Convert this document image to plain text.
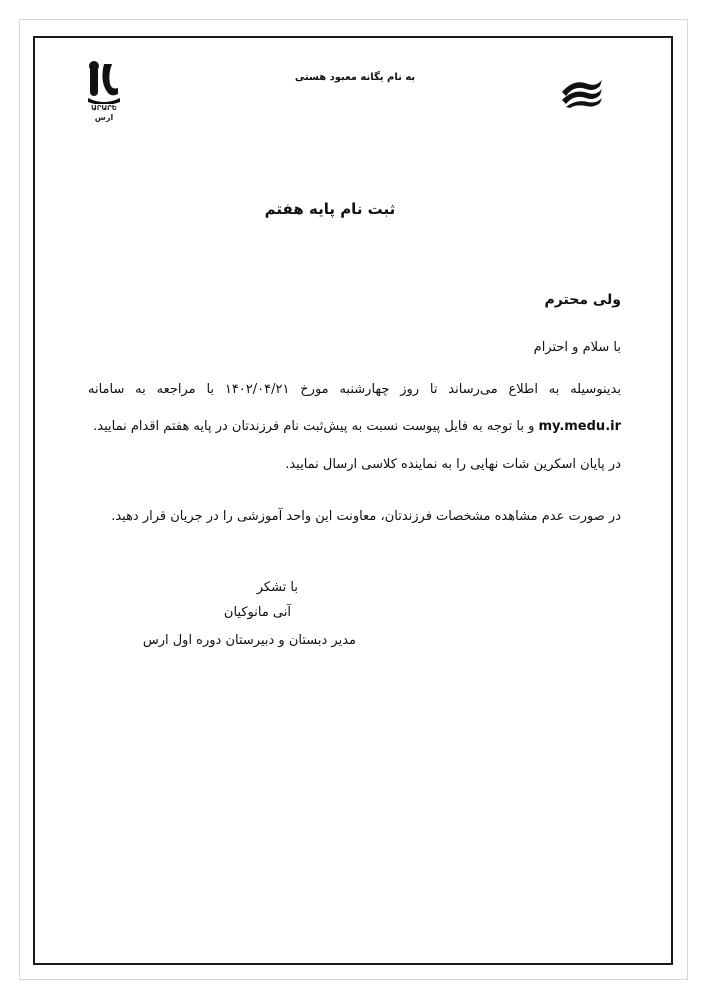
ԱՐԱՐԵ
ارس
به نام یگانه معبود هستی
ثبت نام پایه هفتم
ولی محترم
با سلام و احترام
بدینوسیله به اطلاع می‌رساند تا روز چهارشنبه مورخ ۱۴۰۲/۰۴/۲۱ با مراجعه به سامانه
my.medu.ir و با توجه به فایل پیوست نسبت به پیش‌ثبت نام فرزندتان در پایه هفتم اقدام نمایید.
در پایان اسکرین شات نهایی را به نماینده کلاسی ارسال نمایید.
در صورت عدم مشاهده مشخصات فرزندتان، معاونت این واحد آموزشی را در جریان قرار دهید.
با تشکر
آنی مانوکیان
مدیر دبستان و دبیرستان دوره اول ارس
